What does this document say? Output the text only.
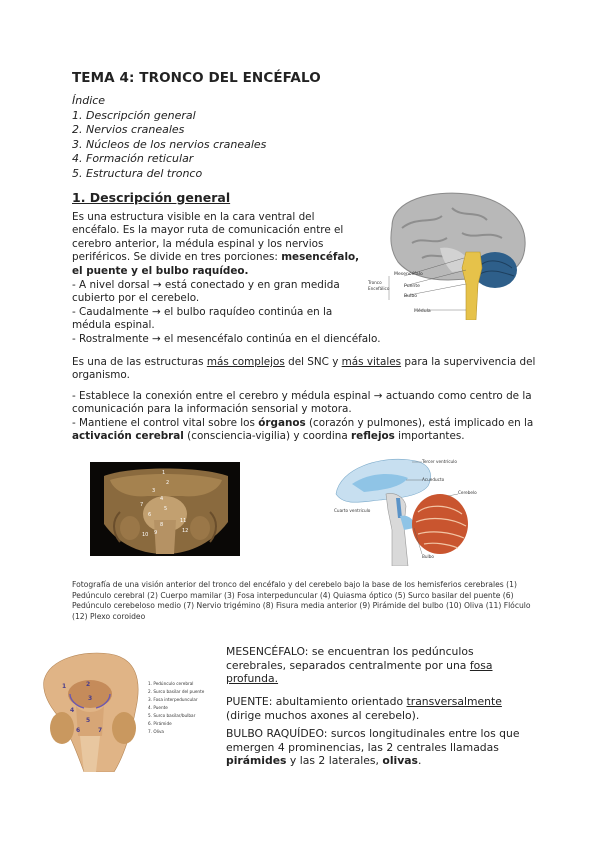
TEMA 4: TRONCO DEL ENCÉFALO
Índice
1. Descripción general
2. Nervios craneales
3. Núcleos de los nervios craneales
4. Formación reticular
5. Estructura del tronco
1. Descripción general
Es una estructura visible en la cara ventral del encéfalo. Es la mayor ruta de comunicación entre el cerebro anterior, la médula espinal y los nervios periféricos. Se divide en tres porciones: mesencéfalo, el puente y el bulbo raquídeo.
- A nivel dorsal → está conectado y en gran medida cubierto por el cerebelo.
- Caudalmente → el bulbo raquídeo continúa en la médula espinal.
- Rostralmente → el mesencéfalo continúa en el diencéfalo.
Es una de las estructuras más complejos del SNC y más vitales para la supervivencia del organismo.
- Establece la conexión entre el cerebro y médula espinal → actuando como centro de la comunicación para la información sensorial y motora.
- Mantiene el control vital sobre los órganos (corazón y pulmones), está implicado en la activación cerebral (consciencia-vigilia) y coordina reflejos importantes.
Mesencéfalo
Puente
Bulbo
Médula
Tronco
Encefálico
1
2
3
4
5
6
7
8
9
10
11
12
Tercer ventrículo
Acueducto
Cerebelo
Cuarto ventrículo
Bulbo
Fotografía de una visión anterior del tronco del encéfalo y del cerebelo bajo la base de los hemisferios cerebrales (1) Pedúnculo cerebral (2) Cuerpo mamilar (3) Fosa interpeduncular (4) Quiasma óptico (5) Surco basilar del puente (6) Pedúnculo cerebeloso medio (7) Nervio trigémino (8) Fisura media anterior (9) Pirámide del bulbo (10) Oliva (11) Flóculo (12) Plexo coroideo
1	2
3
4
5
6	7
1. Pedúnculo cerebral
2. Surco basilar del puente
3. Fosa interpeduncular
4. Puente
5. Surco basilar/bulbar
6. Pirámide
7. Oliva
MESENCÉFALO: se encuentran los pedúnculos cerebrales, separados centralmente por una fosa profunda.
PUENTE: abultamiento orientado transversalmente (dirige muchos axones al cerebelo).
BULBO RAQUÍDEO: surcos longitudinales entre los que emergen 4 prominencias, las 2 centrales llamadas pirámides y las 2 laterales, olivas.
